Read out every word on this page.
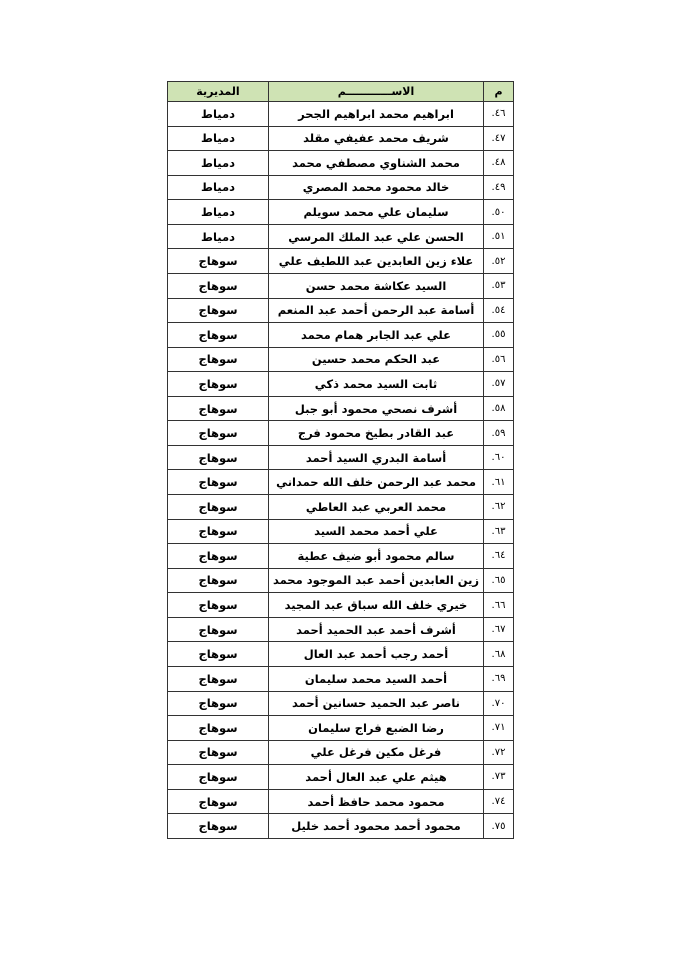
م	الاســــــــــــم	المديرية
٤٦.	ابراهيم محمد ابراهيم الجحر	دمياط
٤٧.	شريف محمد عفيفي مقلد	دمياط
٤٨.	محمد الشناوي مصطفي محمد	دمياط
٤٩.	خالد محمود محمد المصري	دمياط
٥٠.	سليمان علي محمد سويلم	دمياط
٥١.	الحسن علي عبد الملك المرسي	دمياط
٥٢.	علاء زين العابدين عبد اللطيف علي	سوهاج
٥٣.	السيد عكاشة محمد حسن	سوهاج
٥٤.	أسامة عبد الرحمن أحمد عبد المنعم	سوهاج
٥٥.	علي عبد الجابر همام محمد	سوهاج
٥٦.	عبد الحكم محمد حسين	سوهاج
٥٧.	ثابت السيد محمد ذكي	سوهاج
٥٨.	أشرف نصحي محمود أبو جبل	سوهاج
٥٩.	عبد القادر بطيخ محمود فرج	سوهاج
٦٠.	أسامة البدري السيد أحمد	سوهاج
٦١.	محمد عبد الرحمن خلف الله حمداني	سوهاج
٦٢.	محمد العربي عبد العاطي	سوهاج
٦٣.	علي أحمد محمد السيد	سوهاج
٦٤.	سالم محمود أبو ضيف عطية	سوهاج
٦٥.	زين العابدين أحمد عبد الموجود محمد	سوهاج
٦٦.	خيري خلف الله سباق عبد المجيد	سوهاج
٦٧.	أشرف أحمد عبد الحميد أحمد	سوهاج
٦٨.	أحمد رجب أحمد عبد العال	سوهاج
٦٩.	أحمد السيد محمد سليمان	سوهاج
٧٠.	ناصر عبد الحميد حسانين أحمد	سوهاج
٧١.	رضا الضبع فراج سليمان	سوهاج
٧٢.	فرغل مكين فرغل علي	سوهاج
٧٣.	هيثم علي عبد العال أحمد	سوهاج
٧٤.	محمود محمد حافظ أحمد	سوهاج
٧٥.	محمود أحمد محمود أحمد خليل	سوهاج
